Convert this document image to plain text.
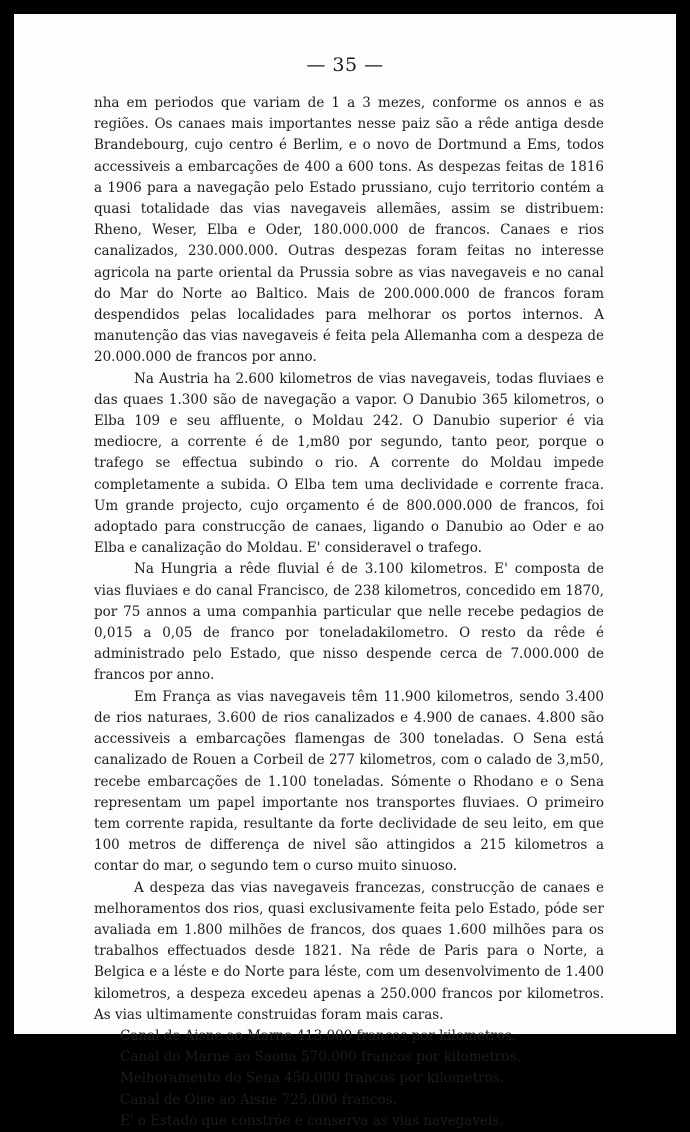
— 35 —

nha em periodos que variam de 1 a 3 mezes, conforme os annos e as regiões. Os canaes mais importantes nesse paiz são a rêde antiga desde Brandebourg, cujo centro é Berlim, e o novo de Dortmund a Ems, todos accessiveis a embarcações de 400 a 600 tons. As despezas feitas de 1816 a 1906 para a navegação pelo Estado prussiano, cujo territorio contém a quasi totalidade das vias navegaveis allemães, assim se distribuem: Rheno, Weser, Elba e Oder, 180.000.000 de francos. Canaes e rios canalizados, 230.000.000. Outras despezas foram feitas no interesse agricola na parte oriental da Prussia sobre as vias navegaveis e no canal do Mar do Norte ao Baltico. Mais de 200.000.000 de francos foram despendidos pelas localidades para melhorar os portos internos. A manutenção das vias navegaveis é feita pela Allemanha com a despeza de 20.000.000 de francos por anno.

Na Austria ha 2.600 kilometros de vias navegaveis, todas fluviaes e das quaes 1.300 são de navegação a vapor. O Danubio 365 kilometros, o Elba 109 e seu affluente, o Moldau 242. O Danubio superior é via mediocre, a corrente é de 1,m80 por segundo, tanto peor, porque o trafego se effectua subindo o rio. A corrente do Moldau impede completamente a subida. O Elba tem uma declividade e corrente fraca. Um grande projecto, cujo orçamento é de 800.000.000 de francos, foi adoptado para construcção de canaes, ligando o Danubio ao Oder e ao Elba e canalização do Moldau. E' consideravel o trafego.

Na Hungria a rêde fluvial é de 3.100 kilometros. E' composta de vias fluviaes e do canal Francisco, de 238 kilometros, concedido em 1870, por 75 annos a uma companhia particular que nelle recebe pedagios de 0,015 a 0,05 de franco por toneladakilometro. O resto da rêde é administrado pelo Estado, que nisso despende cerca de 7.000.000 de francos por anno.

Em França as vias navegaveis têm 11.900 kilometros, sendo 3.400 de rios naturaes, 3.600 de rios canalizados e 4.900 de canaes. 4.800 são accessiveis a embarcações flamengas de 300 toneladas. O Sena está canalizado de Rouen a Corbeil de 277 kilometros, com o calado de 3,m50, recebe embarcações de 1.100 toneladas. Sómente o Rhodano e o Sena representam um papel importante nos transportes fluviaes. O primeiro tem corrente rapida, resultante da forte declividade de seu leito, em que 100 metros de differença de nivel são attingidos a 215 kilometros a contar do mar, o segundo tem o curso muito sinuoso.

A despeza das vias navegaveis francezas, construcção de canaes e melhoramentos dos rios, quasi exclusivamente feita pelo Estado, póde ser avaliada em 1.800 milhões de francos, dos quaes 1.600 milhões para os trabalhos effectuados desde 1821. Na rêde de Paris para o Norte, a Belgica e a léste e do Norte para léste, com um desenvolvimento de 1.400 kilometros, a despeza excedeu apenas a 250.000 francos por kilometros. As vias ultimamente construidas foram mais caras.

Canal de Aisne ao Marne 413.000 francos por kilometros.
Canal do Marne ao Saona 570.000 francos por kilometros.
Melhoramento do Sena 450.000 francos por kilometros.
Canal de Oise ao Aisne 725.000 francos.
E' o Estado que constróe e conserva as vias navegaveis.
